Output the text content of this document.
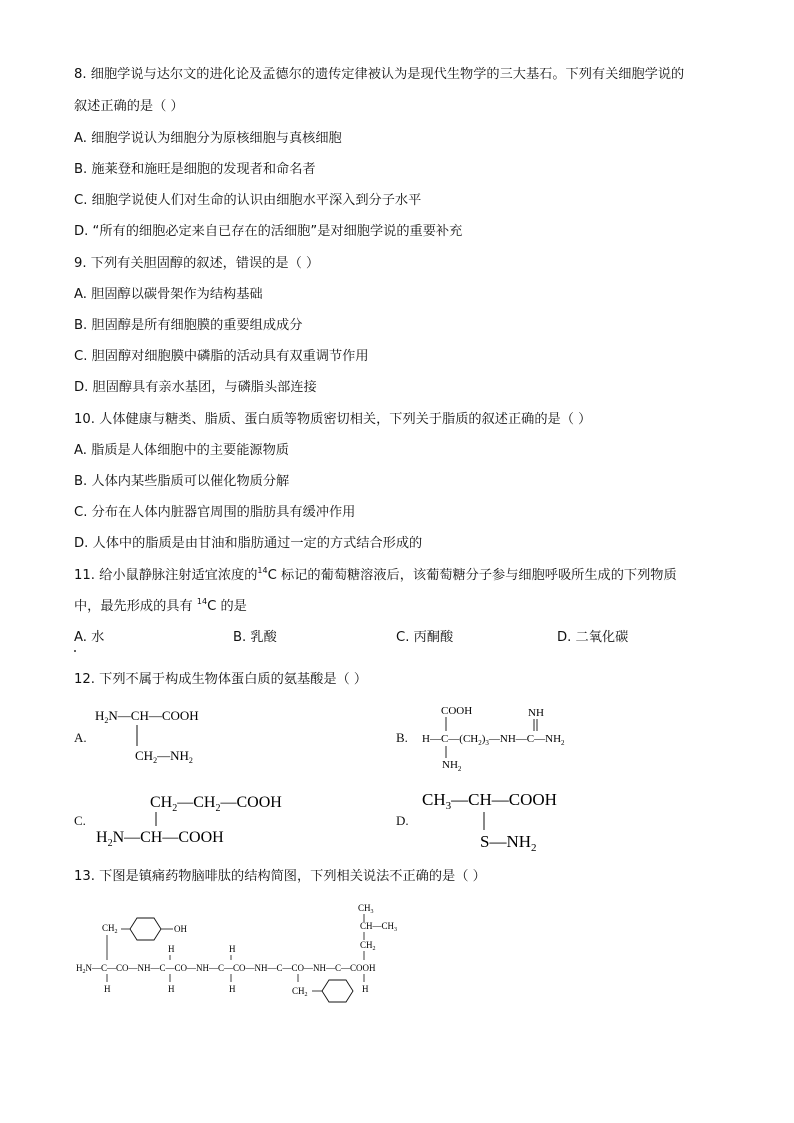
8. 细胞学说与达尔文的进化论及孟德尔的遗传定律被认为是现代生物学的三大基石。下列有关细胞学说的
叙述正确的是（ ）
A. 细胞学说认为细胞分为原核细胞与真核细胞
B. 施莱登和施旺是细胞的发现者和命名者
C. 细胞学说使人们对生命的认识由细胞水平深入到分子水平
D. “所有的细胞必定来自已存在的活细胞”是对细胞学说的重要补充
9. 下列有关胆固醇的叙述，错误的是（ ）
A. 胆固醇以碳骨架作为结构基础
B. 胆固醇是所有细胞膜的重要组成成分
C. 胆固醇对细胞膜中磷脂的活动具有双重调节作用
D. 胆固醇具有亲水基团，与磷脂头部连接
10. 人体健康与糖类、脂质、蛋白质等物质密切相关，下列关于脂质的叙述正确的是（ ）
A. 脂质是人体细胞中的主要能源物质
B. 人体内某些脂质可以催化物质分解
C. 分布在人体内脏器官周围的脂肪具有缓冲作用
D. 人体中的脂质是由甘油和脂肪通过一定的方式结合形成的
11. 给小鼠静脉注射适宜浓度的$^{14}$C 标记的葡萄糖溶液后，该葡萄糖分子参与细胞呼吸所生成的下列物质
中，最先形成的具有 $^{14}$C 的是
A. 水	B. 乳酸	C. 丙酮酸	D. 二氧化碳
12. 下列不属于构成生物体蛋白质的氨基酸是（ ）
A.
$H_2N—CH—COOH$
$CH_2—NH_2$
B.
COOH	NH
$H—C—(CH_2)_3—NH—C—NH_2$
$NH_2$
C.
$CH_2—CH_2—COOH$
$H_2N—CH—COOH$
D.
$CH_3—CH—COOH$
$S—NH_2$
13. 下图是镇痛药物脑啡肽的结构简图，下列相关说法不正确的是（ ）
$CH_3$
$CH—CH_3$
$CH_2$
$CH_2$	OH
H	H
$H_2N—C—CO—NH—C—CO—NH—C—CO—NH—C—CO—NH—C—COOH$
H	H	H	H
$CH_2$
